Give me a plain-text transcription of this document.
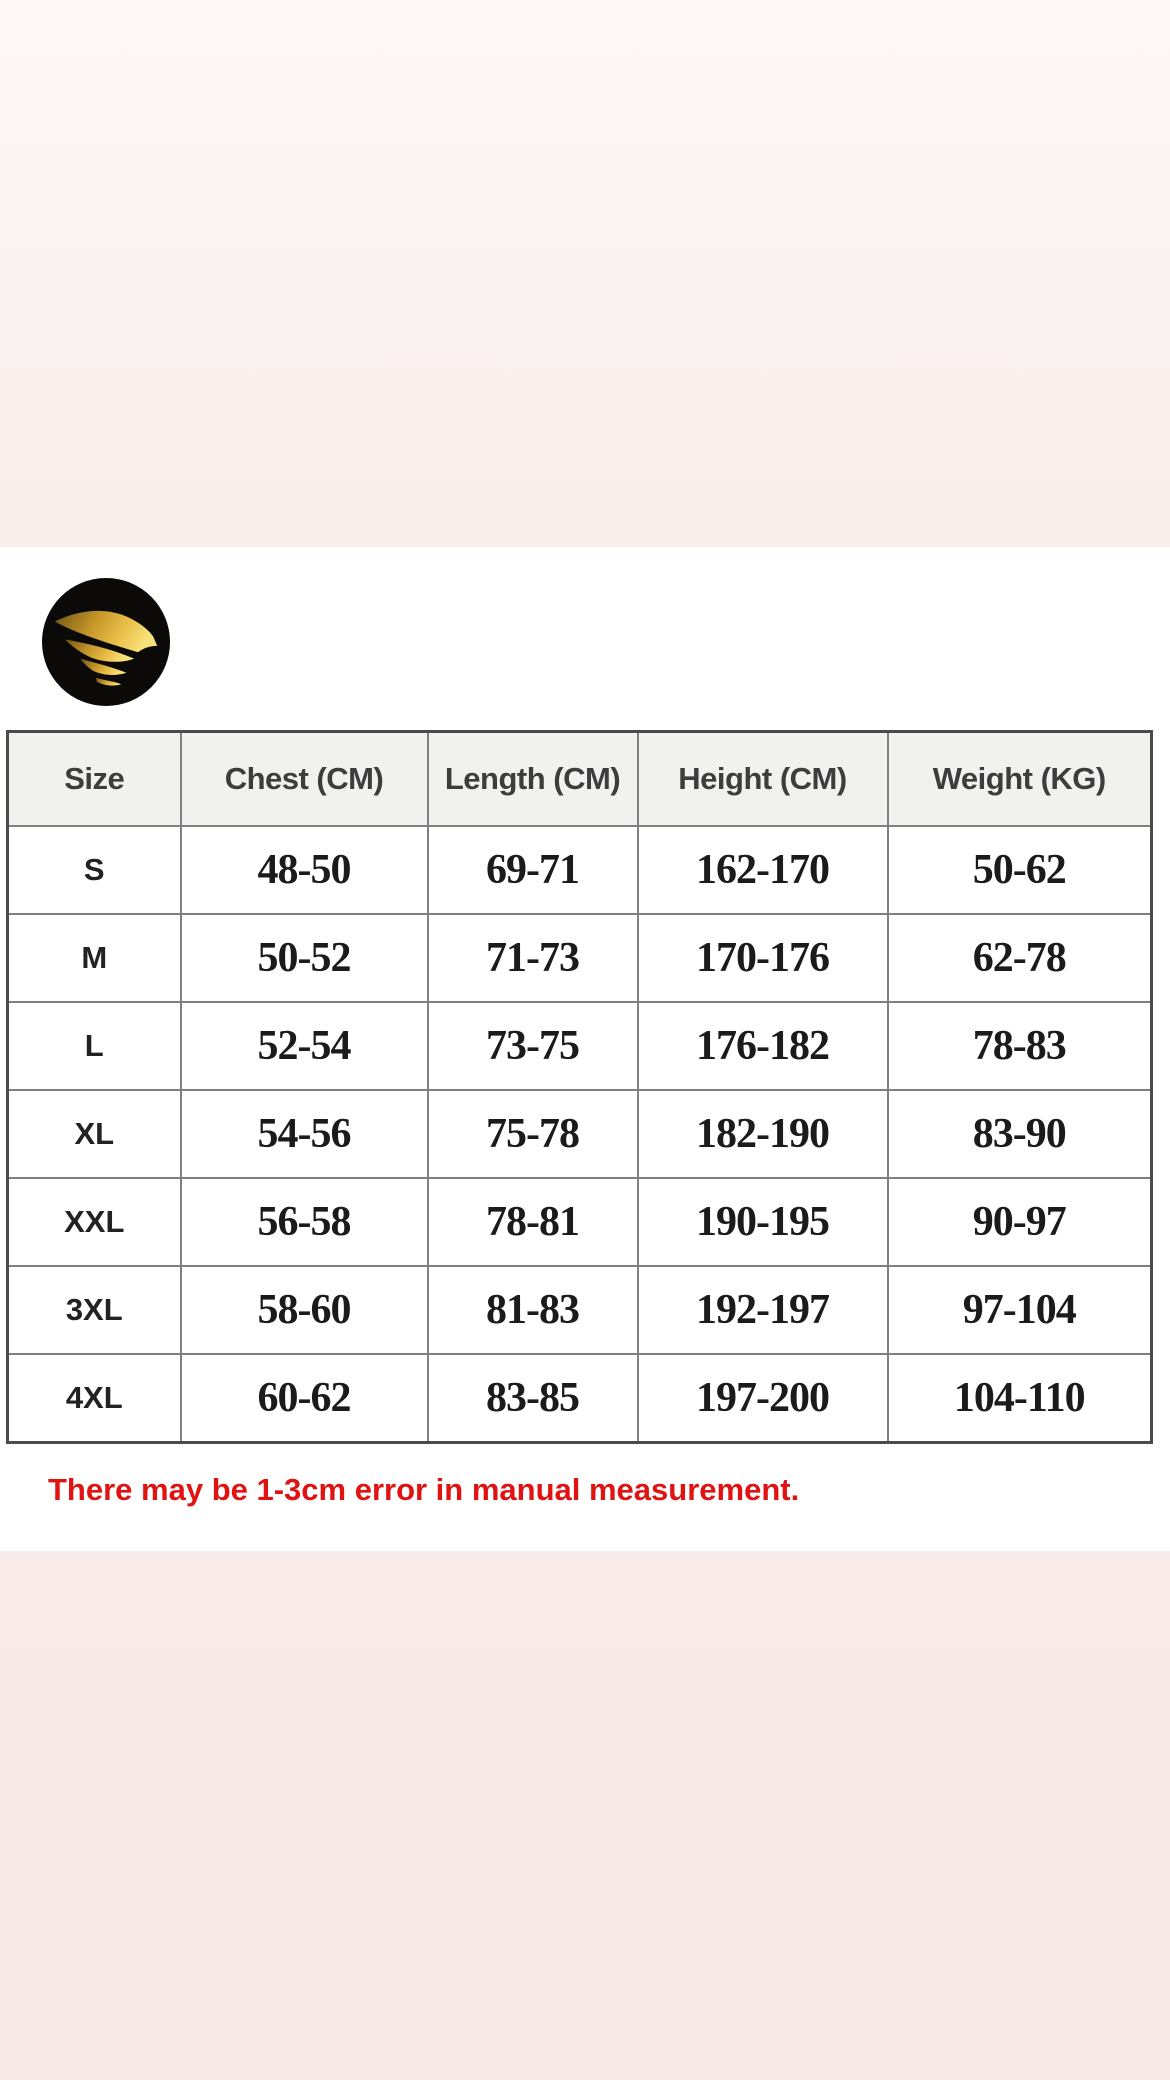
Size	Chest (CM)	Length (CM)	Height (CM)	Weight (KG)
S	48-50	69-71	162-170	50-62
M	50-52	71-73	170-176	62-78
L	52-54	73-75	176-182	78-83
XL	54-56	75-78	182-190	83-90
XXL	56-58	78-81	190-195	90-97
3XL	58-60	81-83	192-197	97-104
4XL	60-62	83-85	197-200	104-110
There may be 1-3cm error in manual measurement.
